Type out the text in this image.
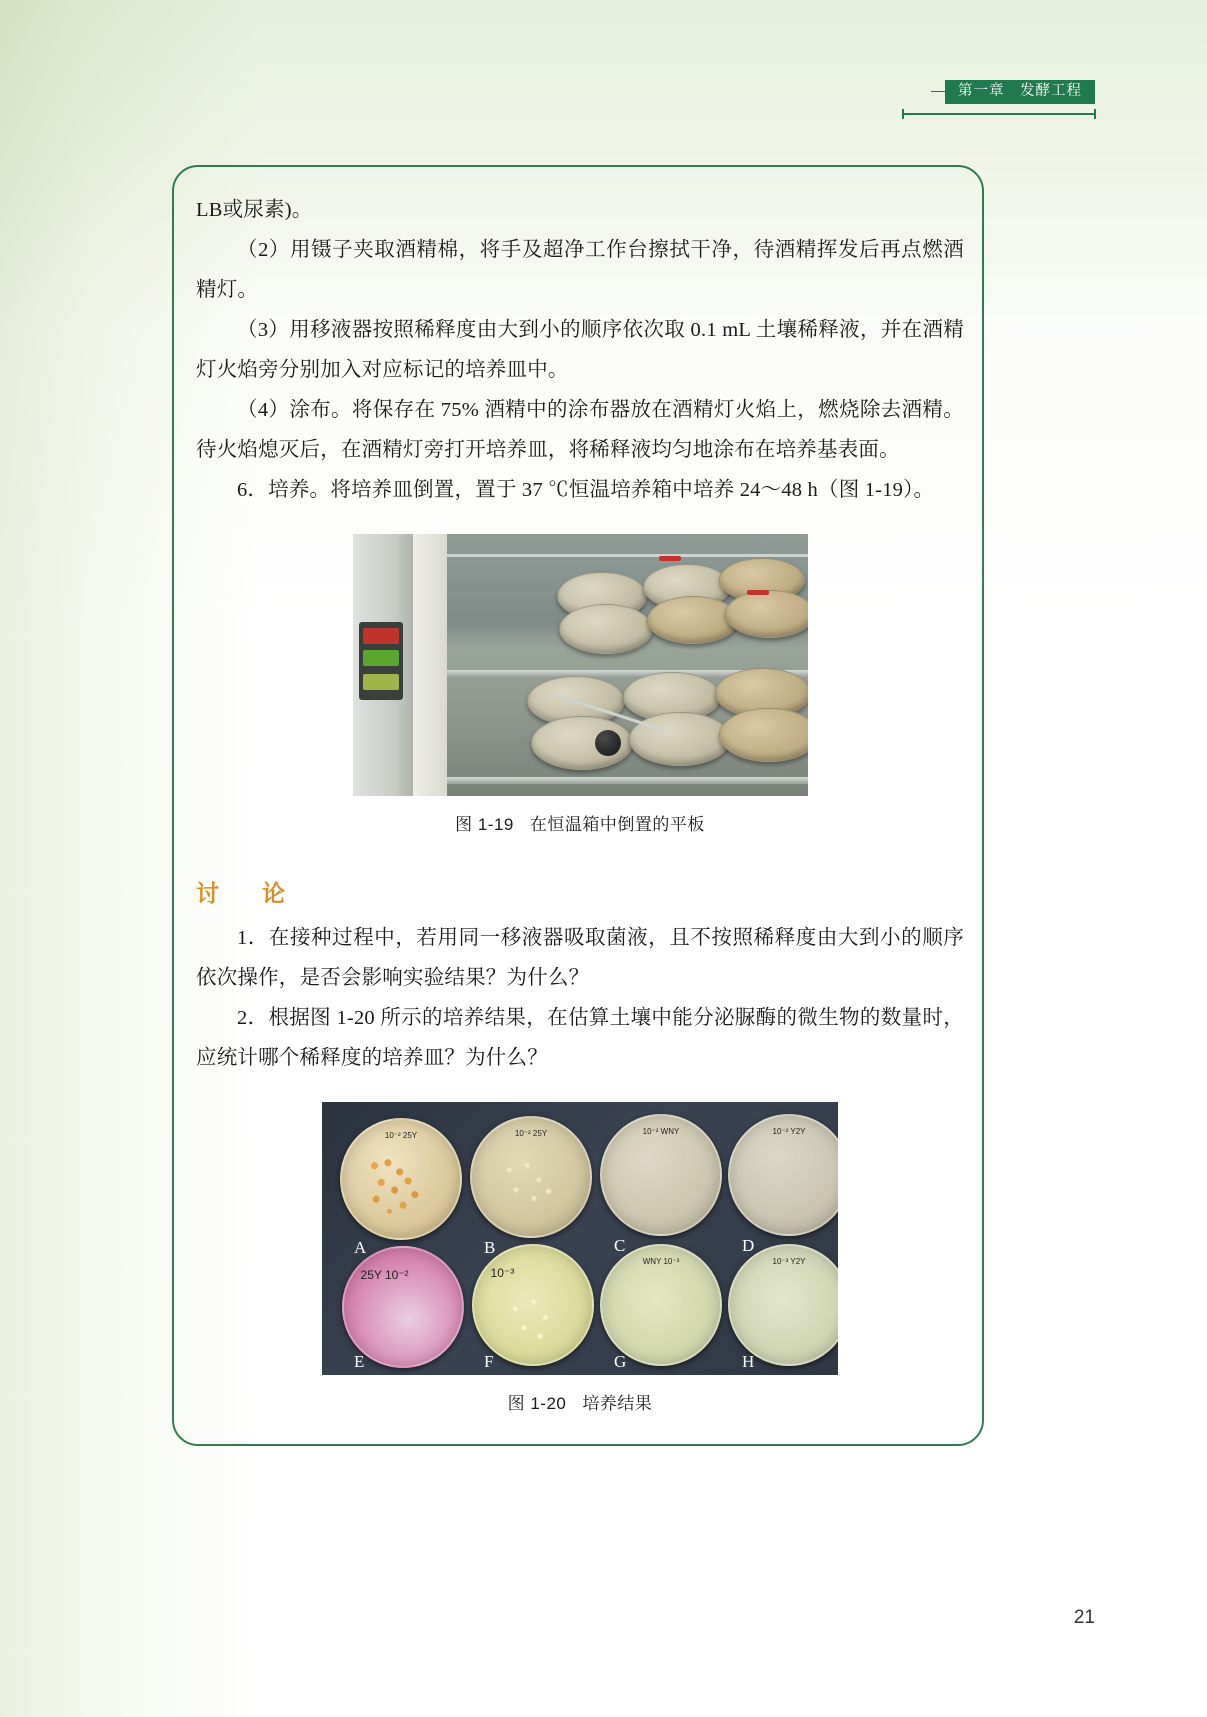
第一章　发酵工程

LB或尿素)。

（2）用镊子夹取酒精棉，将手及超净工作台擦拭干净，待酒精挥发后再点燃酒精灯。

（3）用移液器按照稀释度由大到小的顺序依次取 0.1 mL 土壤稀释液，并在酒精灯火焰旁分别加入对应标记的培养皿中。

（4）涂布。将保存在 75% 酒精中的涂布器放在酒精灯火焰上，燃烧除去酒精。待火焰熄灭后，在酒精灯旁打开培养皿，将稀释液均匀地涂布在培养基表面。

6．培养。将培养皿倒置，置于 37 ℃恒温培养箱中培养 24～48 h（图 1-19）。

图 1-19 在恒温箱中倒置的平板
讨　论

1．在接种过程中，若用同一移液器吸取菌液，且不按照稀释度由大到小的顺序依次操作，是否会影响实验结果？为什么？

2．根据图 1-20 所示的培养结果，在估算土壤中能分泌脲酶的微生物的数量时，应统计哪个稀释度的培养皿？为什么？

10⁻² 25Y	10⁻² 25Y	10⁻² WNY	10⁻² Y2Y
A	B	C	D
25Y 10⁻²	10⁻³
WNY 10⁻³	10⁻³ Y2Y
E	F	G	H
图 1-20 培养结果
21
